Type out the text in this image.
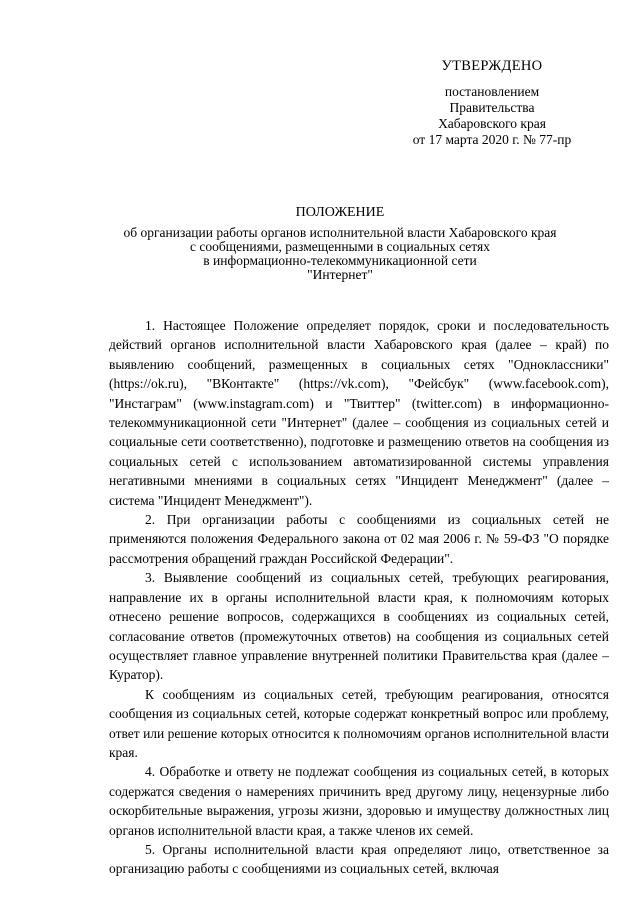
УТВЕРЖДЕНО
постановлением
Правительства
Хабаровского края
от 17 марта 2020 г. № 77-пр
ПОЛОЖЕНИЕ
об организации работы органов исполнительной власти Хабаровского края
с сообщениями, размещенными в социальных сетях
в информационно-телекоммуникационной сети
"Интернет"

1. Настоящее Положение определяет порядок, сроки и последовательность действий органов исполнительной власти Хабаровского края (далее – край) по выявлению сообщений, размещенных в социальных сетях "Одноклассники" (https://ok.ru), "ВКонтакте" (https://vk.com), "Фейсбук" (www.facebook.com), "Инстаграм" (www.instagram.com) и "Твиттер" (twitter.com) в информационно-телекоммуникационной сети "Интернет" (далее – сообщения из социальных сетей и социальные сети соответственно), подготовке и размещению ответов на сообщения из социальных сетей с использованием автоматизированной системы управления негативными мнениями в социальных сетях "Инцидент Менеджмент" (далее – система "Инцидент Менеджмент").

2. При организации работы с сообщениями из социальных сетей не применяются положения Федерального закона от 02 мая 2006 г. № 59-ФЗ "О порядке рассмотрения обращений граждан Российской Федерации".

3. Выявление сообщений из социальных сетей, требующих реагирования, направление их в органы исполнительной власти края, к полномочиям которых отнесено решение вопросов, содержащихся в сообщениях из социальных сетей, согласование ответов (промежуточных ответов) на сообщения из социальных сетей осуществляет главное управление внутренней политики Правительства края (далее – Куратор).

К сообщениям из социальных сетей, требующим реагирования, относятся сообщения из социальных сетей, которые содержат конкретный вопрос или проблему, ответ или решение которых относится к полномочиям органов исполнительной власти края.

4. Обработке и ответу не подлежат сообщения из социальных сетей, в которых содержатся сведения о намерениях причинить вред другому лицу, нецензурные либо оскорбительные выражения, угрозы жизни, здоровью и имуществу должностных лиц органов исполнительной власти края, а также членов их семей.

5. Органы исполнительной власти края определяют лицо, ответственное за организацию работы с сообщениями из социальных сетей, включая
